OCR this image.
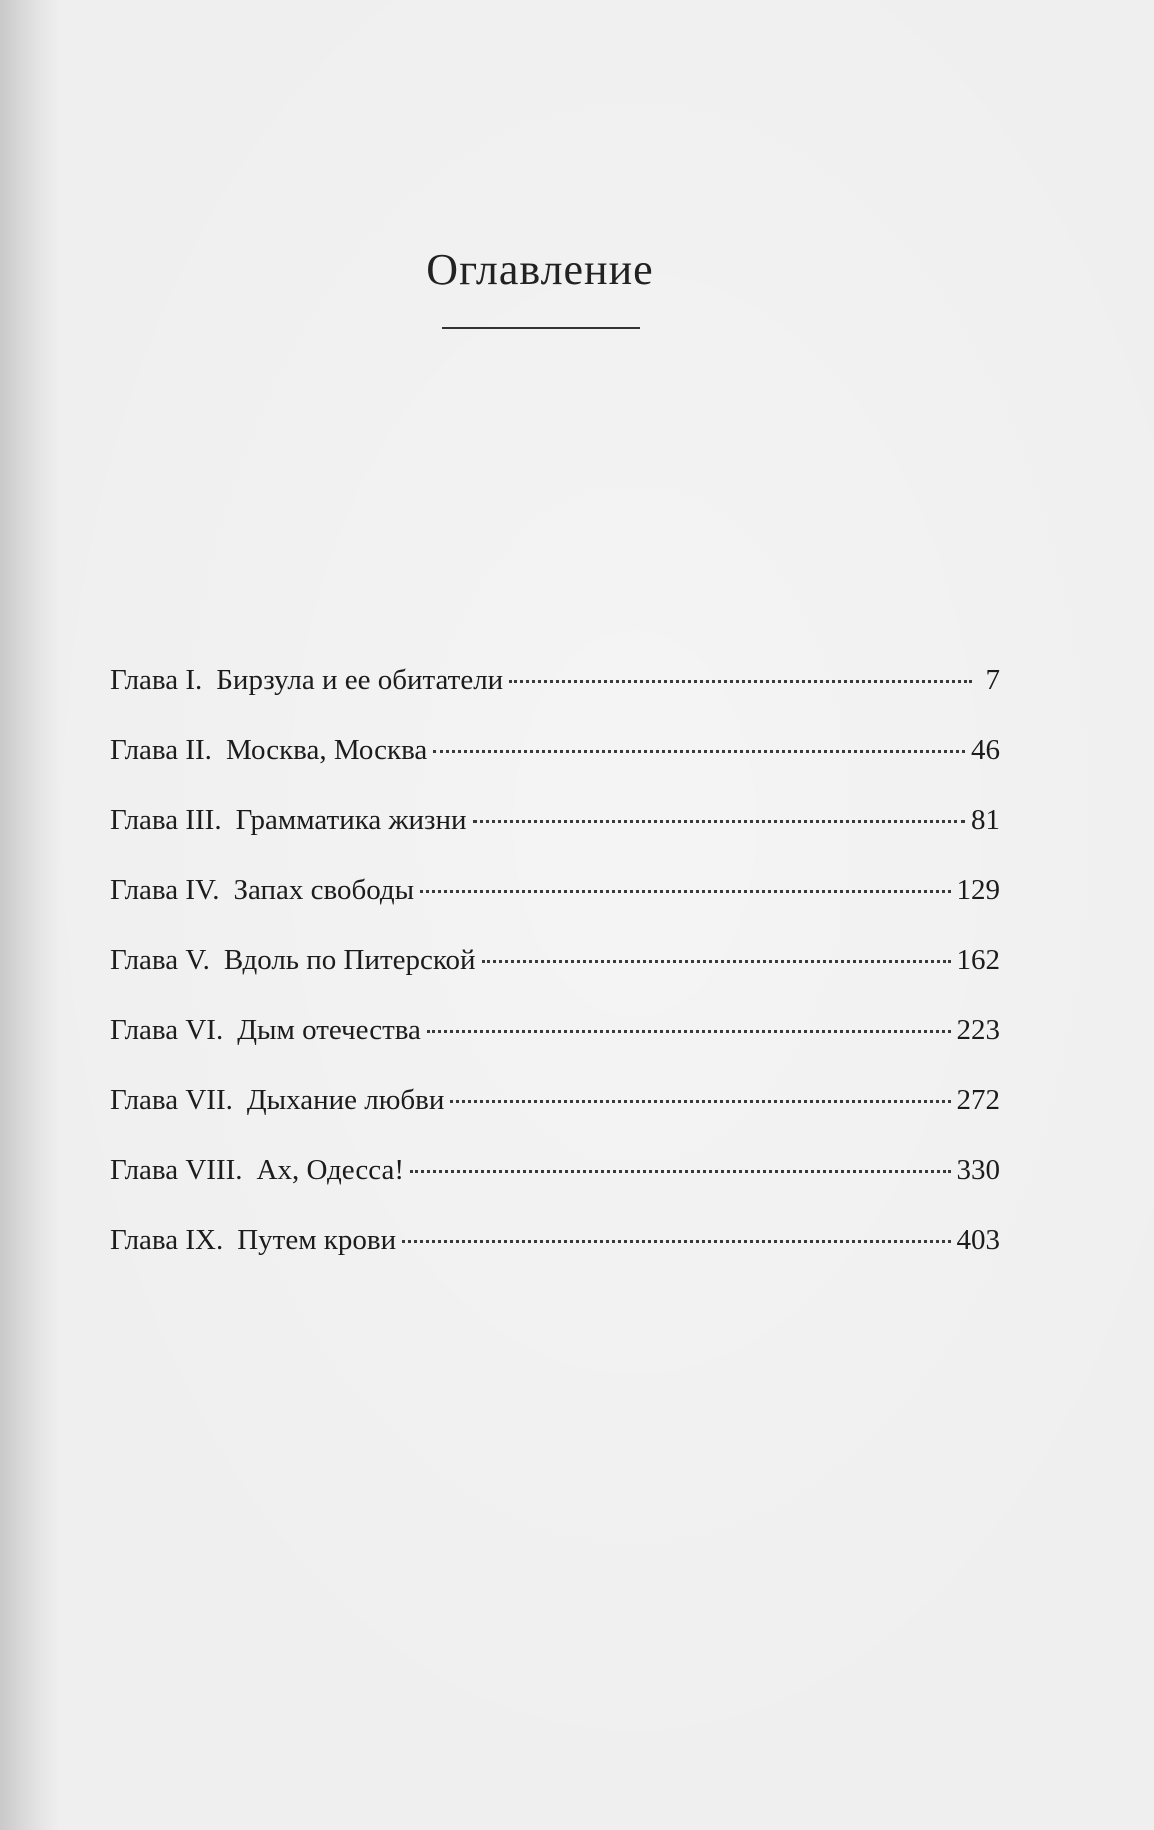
Оглавление
Глава I. Бирзула и ее обитатели	7
Глава II. Москва, Москва	46
Глава III. Грамматика жизни	81
Глава IV. Запах свободы	129
Глава V. Вдоль по Питерской	162
Глава VI. Дым отечества	223
Глава VII. Дыхание любви	272
Глава VIII. Ах, Одесса!	330
Глава IX. Путем крови	403
